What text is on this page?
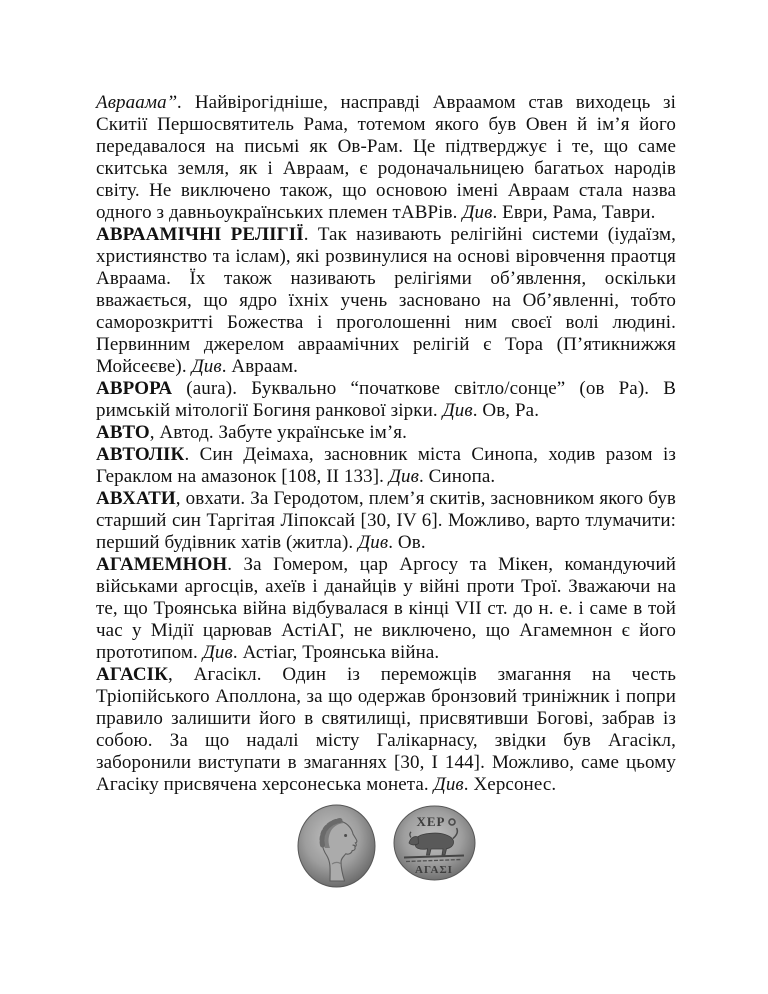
Авраама”. Найвірогідніше, насправді Авраамом став виходець зі Скитії Першосвятитель Рама, тотемом якого був Овен й ім’я його передавалося на письмі як Ов-Рам. Це підтверджує і те, що саме скитська земля, як і Авраам, є родоначальницею багатьох народів світу. Не виключено також, що основою імені Авраам стала назва одного з давньоукраїнських племен тАВРів. Див. Еври, Рама, Таври.

АВРААМІЧНІ РЕЛІГІЇ. Так називають релігійні системи (іудаїзм, християнство та іслам), які розвинулися на основі віровчення праотця Авраама. Їх також називають релігіями об’явлення, оскільки вважається, що ядро їхніх учень засновано на Об’явленні, тобто саморозкритті Божества і проголошенні ним своєї волі людині. Первинним джерелом авраамічних релігій є Тора (П’ятикнижжя Мойсеєве). Див. Авраам.

АВРОРА (aura). Буквально “початкове світло/сонце” (ов Ра). В римській мітології Богиня ранкової зірки. Див. Ов, Ра.

АВТО, Автод. Забуте українське ім’я.

АВТОЛІК. Син Деімаха, засновник міста Синопа, ходив разом із Гераклом на амазонок [108, II 133]. Див. Синопа.

АВХАТИ, овхати. За Геродотом, плем’я скитів, засновником якого був старший син Таргітая Ліпоксай [30, IV 6]. Можливо, варто тлумачити: перший будівник хатів (житла). Див. Ов.

АГАМЕМНОН. За Гомером, цар Аргосу та Мікен, командуючий військами аргосців, ахеїв і данайців у війні проти Трої. Зважаючи на те, що Троянська війна відбувалася в кінці VII ст. до н. е. і саме в той час у Мідії царював АстіАГ, не виключено, що Агамемнон є його прототипом. Див. Астіаг, Троянська війна.

АГАСІК, Агасікл. Один із переможців змагання на честь Тріопійського Аполлона, за що одержав бронзовий триніжник і попри правило залишити його в святилищі, присвятивши Богові, забрав із собою. За що надалі місту Галікарнасу, звідки був Агасікл, заборонили виступати в змаганнях [30, I 144]. Можливо, саме цьому Агасіку присвячена херсонеська монета. Див. Херсонес.

ΧΕΡ
ΑΓΑΣΙ
